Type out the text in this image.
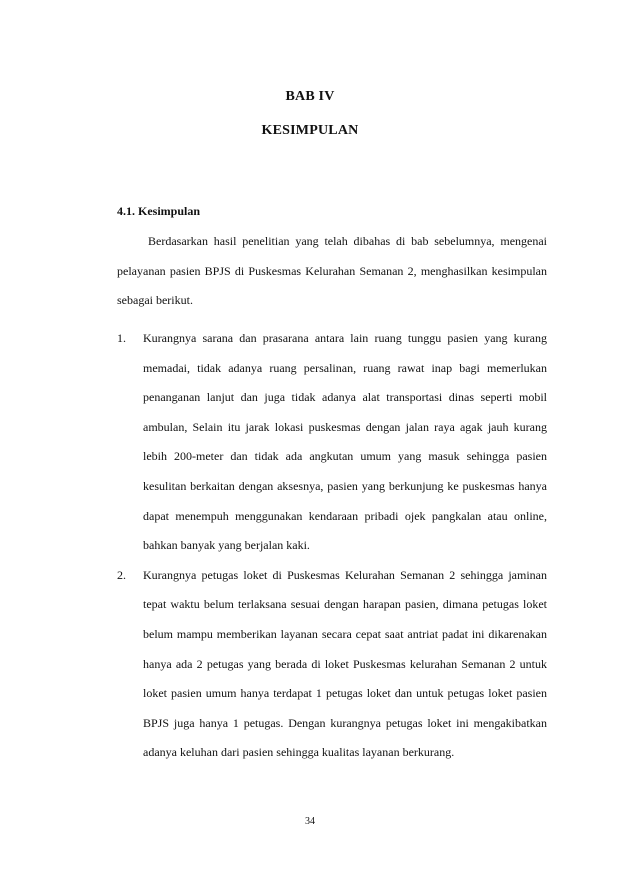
BAB IV
KESIMPULAN
4.1. Kesimpulan

Berdasarkan hasil penelitian yang telah dibahas di bab sebelumnya, mengenai pelayanan pasien BPJS di Puskesmas Kelurahan Semanan 2, menghasilkan kesimpulan sebagai berikut.

1. Kurangnya sarana dan prasarana antara lain ruang tunggu pasien yang kurang memadai, tidak adanya ruang persalinan, ruang rawat inap bagi memerlukan penanganan lanjut dan juga tidak adanya alat transportasi dinas seperti mobil ambulan, Selain itu jarak lokasi puskesmas dengan jalan raya agak jauh kurang lebih 200-meter dan tidak ada angkutan umum yang masuk sehingga pasien kesulitan berkaitan dengan aksesnya, pasien yang berkunjung ke puskesmas hanya dapat menempuh menggunakan kendaraan pribadi ojek pangkalan atau online, bahkan banyak yang berjalan kaki.
2. Kurangnya petugas loket di Puskesmas Kelurahan Semanan 2 sehingga jaminan tepat waktu belum terlaksana sesuai dengan harapan pasien, dimana petugas loket belum mampu memberikan layanan secara cepat saat antriat padat ini dikarenakan hanya ada 2 petugas yang berada di loket Puskesmas kelurahan Semanan 2 untuk loket pasien umum hanya terdapat 1 petugas loket dan untuk petugas loket pasien BPJS juga hanya 1 petugas. Dengan kurangnya petugas loket ini mengakibatkan adanya keluhan dari pasien sehingga kualitas layanan berkurang.
34
